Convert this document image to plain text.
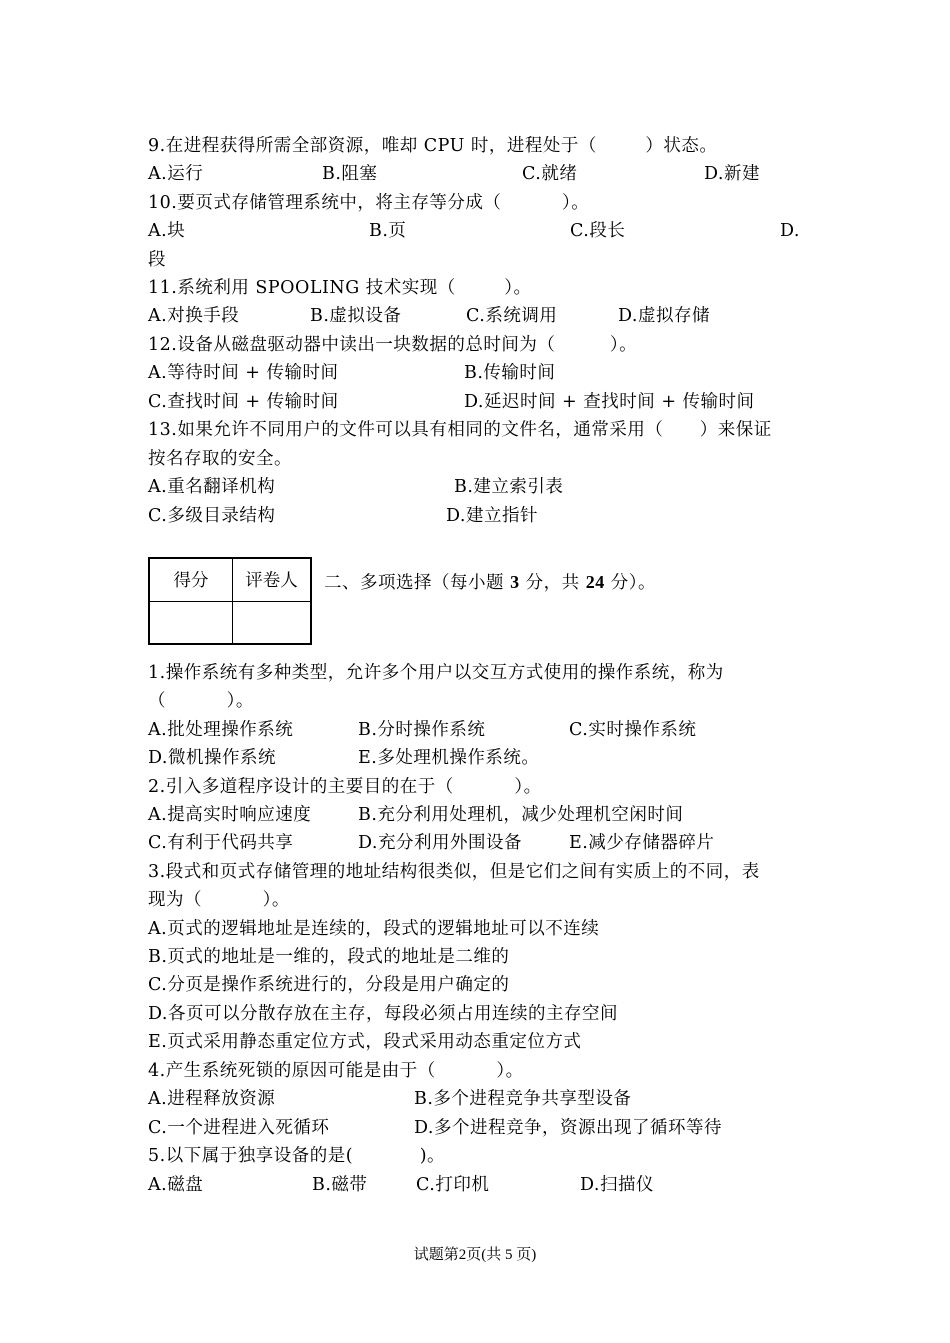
9.在进程获得所需全部资源，唯却 CPU 时，进程处于（        ）状态。

A.运行

	B.阻塞

	C.就绪

	D.新建

10.要页式存储管理系统中，将主存等分成（          ）。

A.块

	B.页

	C.段长

	D.

段
11.系统利用 SPOOLING 技术实现（        ）。

A.对换手段

	B.虚拟设备

	C.系统调用

	D.虚拟存储

12.设备从磁盘驱动器中读出一块数据的总时间为（         ）。

A.等待时间 + 传输时间

	B.传输时间

C.查找时间 + 传输时间

	D.延迟时间 + 查找时间 + 传输时间

13.如果允许不同用户的文件可以具有相同的文件名，通常采用（      ）来保证
按名存取的安全。

A.重名翻译机构

	B.建立索引表

C.多级目录结构

	D.建立指针

得分	评卷人	二、多项选择（每小题 3 分，共 24 分）。
1.操作系统有多种类型，允许多个用户以交互方式使用的操作系统，称为
（          ）。

A.批处理操作系统

	B.分时操作系统

	C.实时操作系统

D.微机操作系统

	E.多处理机操作系统。

2.引入多道程序设计的主要目的在于（          ）。

A.提高实时响应速度

	B.充分利用处理机，减少处理机空闲时间

C.有利于代码共享

	D.充分利用外围设备

	E.减少存储器碎片

3.段式和页式存储管理的地址结构很类似，但是它们之间有实质上的不同，表
现为（          ）。
A.页式的逻辑地址是连续的，段式的逻辑地址可以不连续
B.页式的地址是一维的，段式的地址是二维的
C.分页是操作系统进行的，分段是用户确定的
D.各页可以分散存放在主存，每段必须占用连续的主存空间
E.页式采用静态重定位方式，段式采用动态重定位方式
4.产生系统死锁的原因可能是由于（          ）。

A.进程释放资源

	B.多个进程竞争共享型设备

C.一个进程进入死循环

	D.多个进程竞争，资源出现了循环等待

5.以下属于独享设备的是(           )。

A.磁盘

	B.磁带

	C.打印机

	D.扫描仪

试题第2页(共 5 页)
